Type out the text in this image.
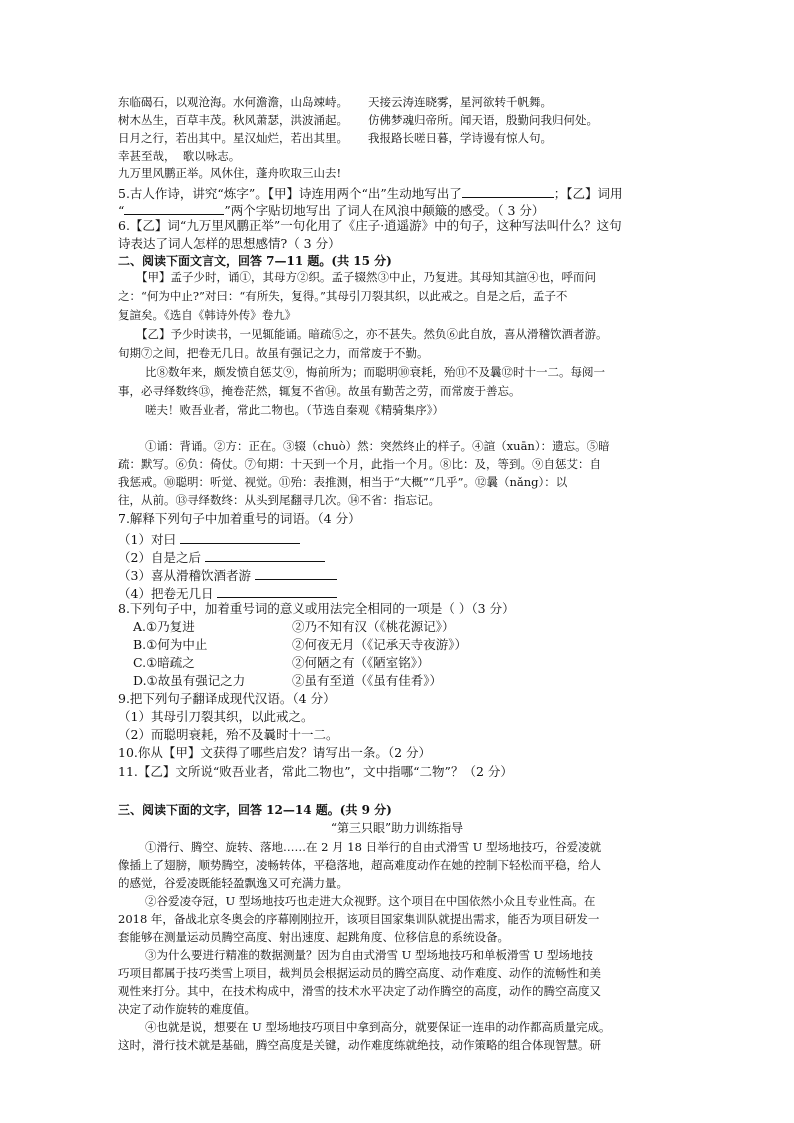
东临碣石，以观沧海。水何澹澹，山岛竦峙。 天接云涛连晓雾，星河欲转千帆舞。
树木丛生，百草丰茂。秋风萧瑟，洪波涌起。 仿佛梦魂归帝所。闻天语，殷勤问我归何处。
日月之行，若出其中。星汉灿烂，若出其里。 我报路长嗟日暮，学诗谩有惊人句。
幸甚至哉，  歌以咏志。
九万里风鹏正举。风休住，蓬舟吹取三山去!
5.古人作诗，讲究“炼字”。【甲】诗连用两个“出”生动地写出了	；【乙】词用
“	”两个字贴切地写出 了词人在风浪中颠簸的感受。（ 3 分）
6.【乙】词“九万里风鹏正举”一句化用了《庄子·逍遥游》中的句子，这种写法叫什么？这句
诗表达了词人怎样的思想感情?（ 3 分）
二、阅读下面文言文，回答 7—11 题。(共 15 分)
【甲】孟子少时，诵①，其母方②织。孟子辍然③中止，乃复进。其母知其諠④也，呼而问
之：“何为中止?”对曰：“有所失，复得。”其母引刀裂其织，以此戒之。自是之后，孟子不
复諠矣。《选自《韩诗外传》卷九》
【乙】予少时读书，一见辄能诵。暗疏⑤之，亦不甚失。然负⑥此自放，喜从滑稽饮酒者游。
旬期⑦之间，把卷无几日。故虽有强记之力，而常废于不勤。
比⑧数年来，颇发愤自惩艾⑨，悔前所为；而聪明⑩衰耗，殆⑪不及曩⑫时十一二。每阅一
事，必寻绎数终⑬，掩卷茫然，辄复不省⑭。故虽有勤苦之劳，而常废于善忘。
嗟夫！败吾业者，常此二物也。（节选自秦观《精骑集序》）
①诵：背诵。②方：正在。③辍（chuò）然：突然终止的样子。④諠（xuān）：遗忘。⑤暗
疏：默写。⑥负：倚仗。⑦旬期：十天到一个月，此指一个月。⑧比：及，等到。⑨自惩艾：自
我惩戒。⑩聪明：听觉、视觉。⑪殆：表推测，相当于“大概”“几乎”。⑫曩（nǎng）：以
往，从前。⑬寻绎数终：从头到尾翻寻几次。⑭不省：指忘记。
7.解释下列句子中加着重号的词语。（4 分）
（1）对曰
（2）自是之后
（3）喜从滑稽饮酒者游
（4）把卷无几日
8.下列句子中，加着重号词的意义或用法完全相同的一项是（ ）（3 分）
A.①乃复进	②乃不知有汉（《桃花源记》）
B.①何为中止	②何夜无月（《记承天寺夜游》）
C.①暗疏之	②何陋之有（《陋室铭》）
D.①故虽有强记之力	②虽有至道（《虽有佳肴》）
9.把下列句子翻译成现代汉语。（4 分）
（1）其母引刀裂其织，以此戒之。
（2）而聪明衰耗，殆不及曩时十一二。
10.你从【甲】文获得了哪些启发？请写出一条。（2 分）
11.【乙】文所说“败吾业者，常此二物也”，文中指哪“二物”？（2 分）
三、阅读下面的文字，回答 12—14 题。(共 9 分)
“第三只眼”助力训练指导
①滑行、腾空、旋转、落地……在 2 月 18 日举行的自由式滑雪 U 型场地技巧，谷爱凌就
像插上了翅膀，顺势腾空，凌畅转体，平稳落地，超高难度动作在她的控制下轻松而平稳，给人
的感觉，谷爱凌既能轻盈飘逸又可充满力量。
②谷爱凌夺冠，U 型场地技巧也走进大众视野。这个项目在中国依然小众且专业性高。在
2018 年，备战北京冬奥会的序幕刚刚拉开，该项目国家集训队就提出需求，能否为项目研发一
套能够在测量运动员腾空高度、射出速度、起跳角度、位移信息的系统设备。
③为什么要进行精准的数据测量？因为自由式滑雪 U 型场地技巧和单板滑雪 U 型场地技
巧项目都属于技巧类雪上项目，裁判员会根据运动员的腾空高度、动作难度、动作的流畅性和美
观性来打分。其中，在技术构成中，滑雪的技术水平决定了动作腾空的高度，动作的腾空高度又
决定了动作旋转的难度值。
④也就是说，想要在 U 型场地技巧项目中拿到高分，就要保证一连串的动作都高质量完成。
这时，滑行技术就是基础，腾空高度是关键，动作难度练就绝技，动作策略的组合体现智慧。研
